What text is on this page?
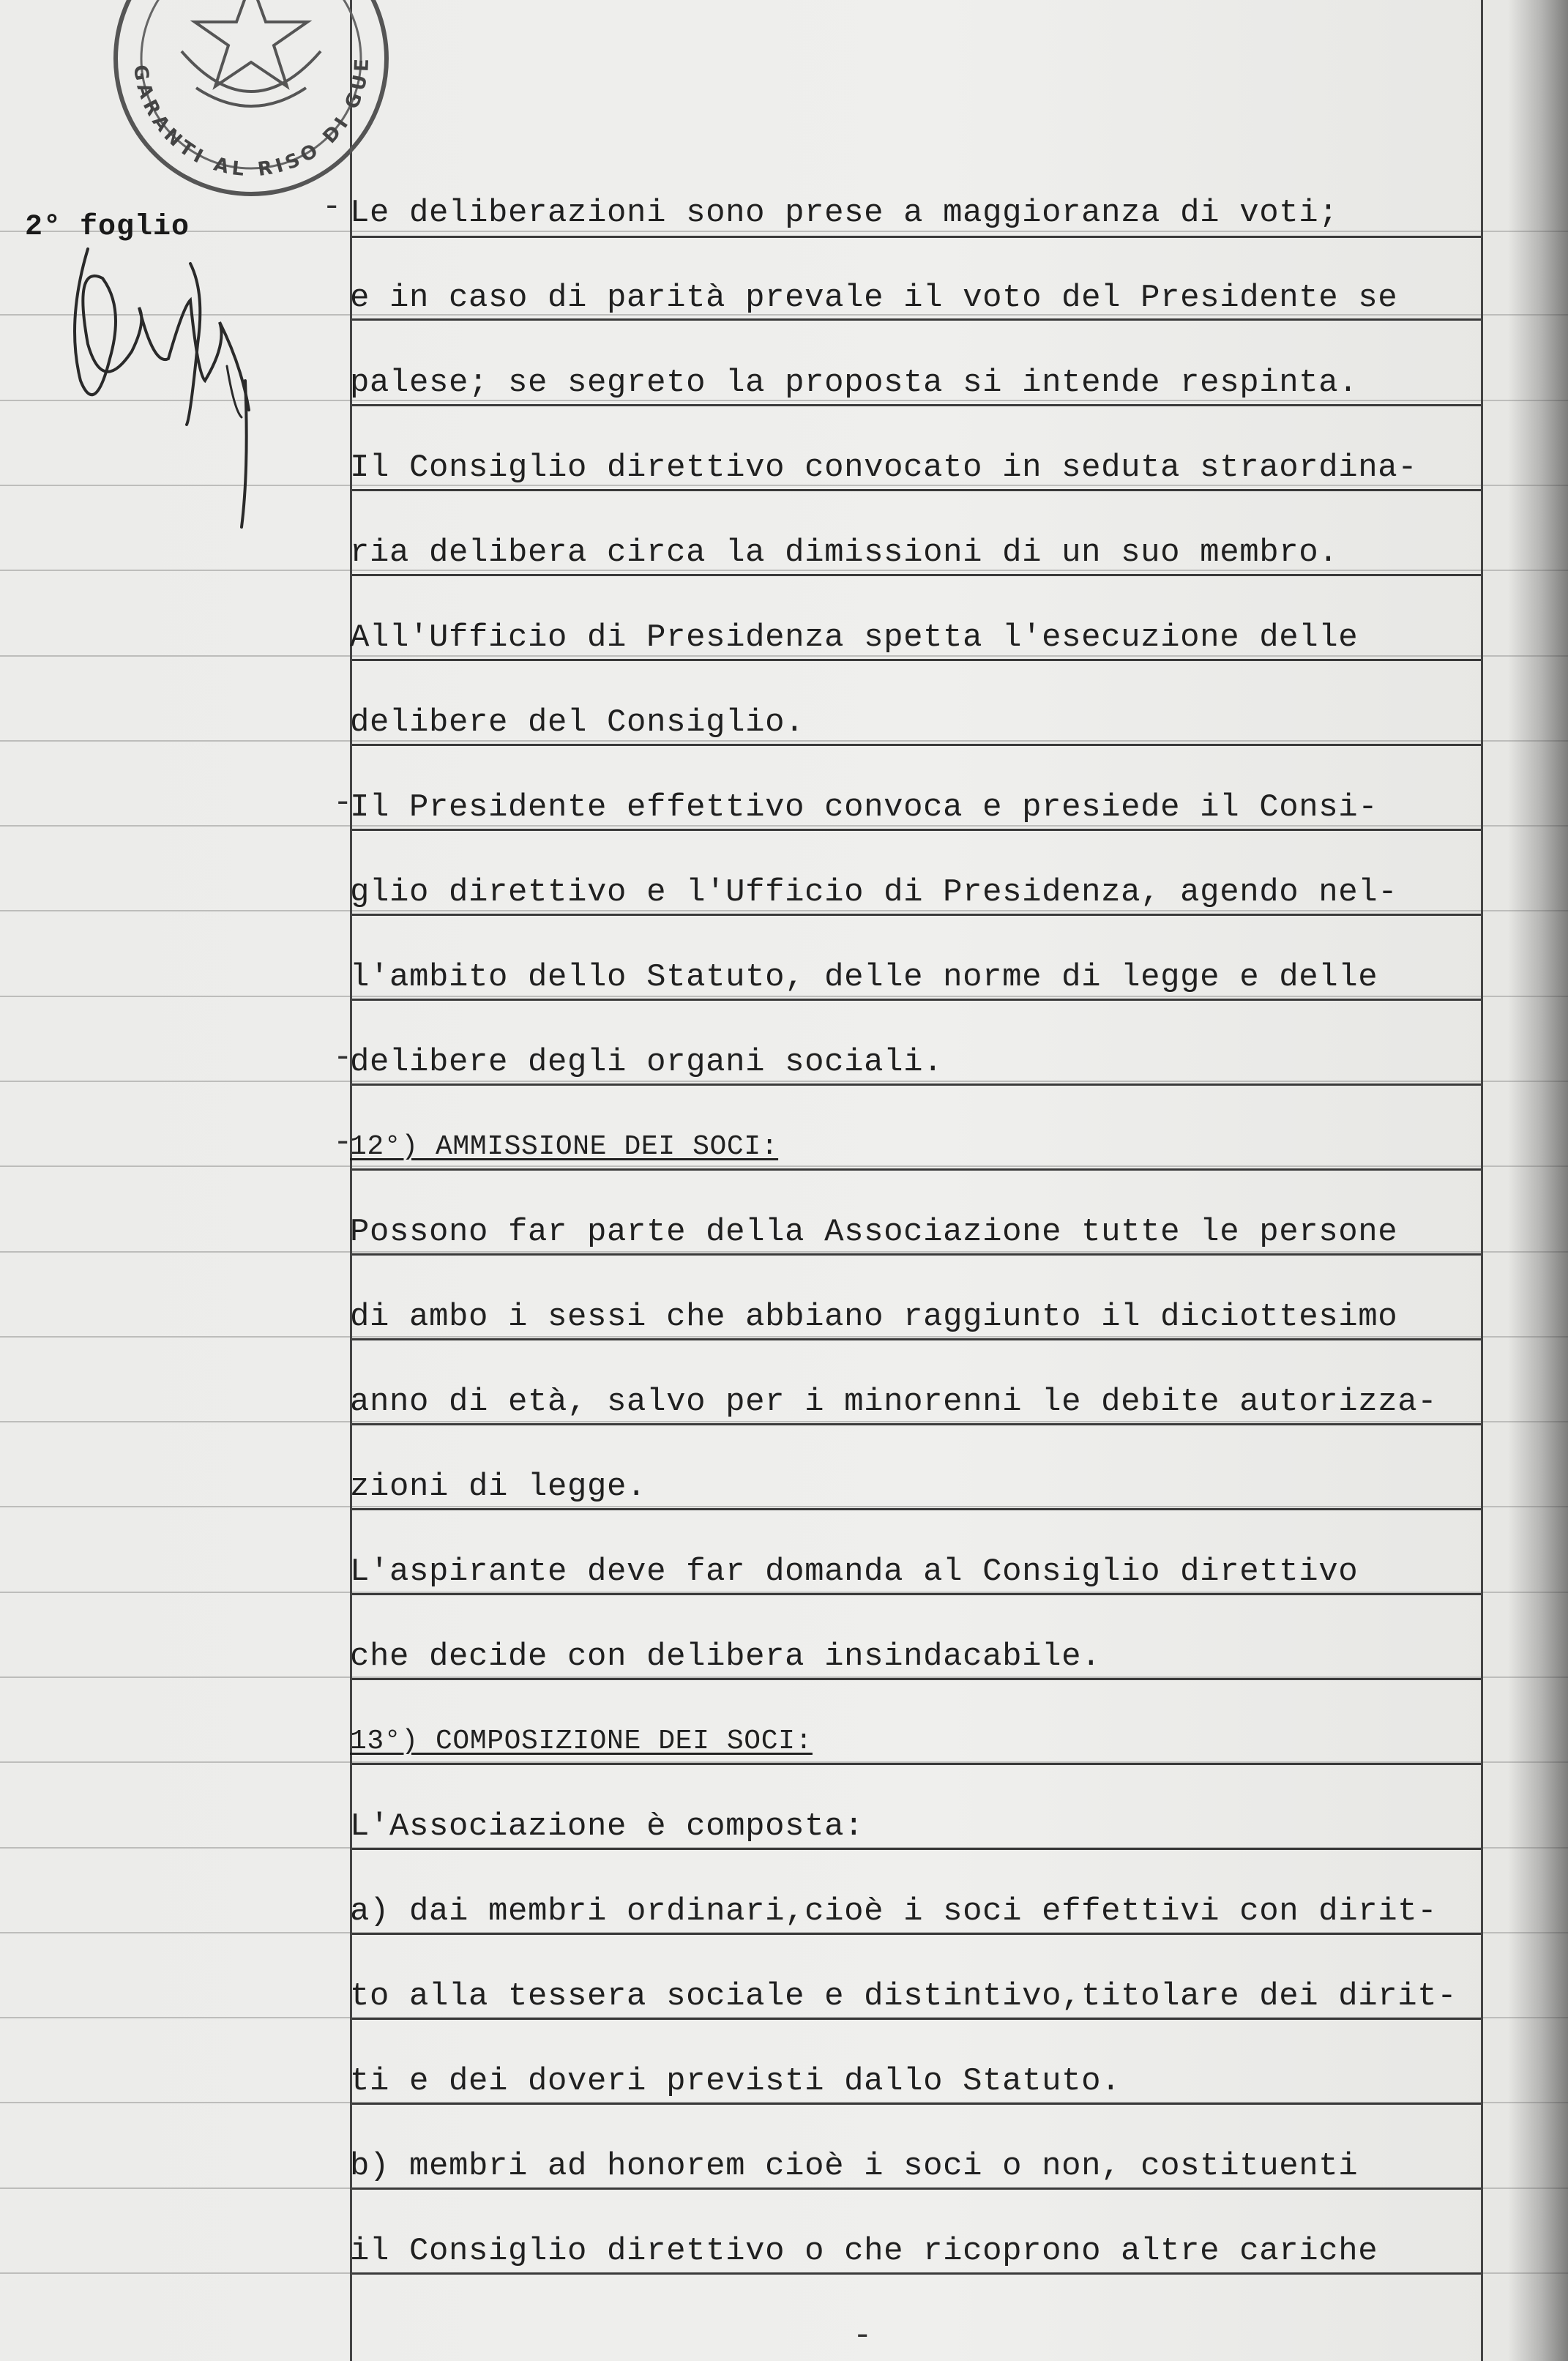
GARANTI AL RISO DI GUE
2° foglio
-
-
-
-
Le deliberazioni sono prese a maggioranza di voti;
e in caso di parità prevale il voto del Presidente se
palese; se segreto la proposta si intende respinta.
Il Consiglio direttivo convocato in seduta straordina-
ria delibera circa la dimissioni di un suo membro.
All'Ufficio di Presidenza spetta l'esecuzione delle
delibere del Consiglio.
Il Presidente effettivo convoca e presiede il Consi-
glio direttivo e l'Ufficio di Presidenza, agendo nel-
l'ambito dello Statuto, delle norme di legge e delle
delibere degli organi sociali.
12°) AMMISSIONE DEI SOCI:
Possono far parte della Associazione tutte le persone
di ambo i sessi che abbiano raggiunto il diciottesimo
anno di età, salvo per i minorenni le debite autorizza-
zioni di legge.
L'aspirante deve far domanda al Consiglio direttivo
che decide con delibera insindacabile.
13°) COMPOSIZIONE DEI SOCI:
L'Associazione è composta:
a) dai membri ordinari,cioè i soci effettivi con dirit-
to alla tessera sociale e distintivo,titolare dei dirit-
ti e dei doveri previsti dallo Statuto.
b) membri ad honorem cioè i soci o non, costituenti
il Consiglio direttivo o che ricoprono altre cariche
-
